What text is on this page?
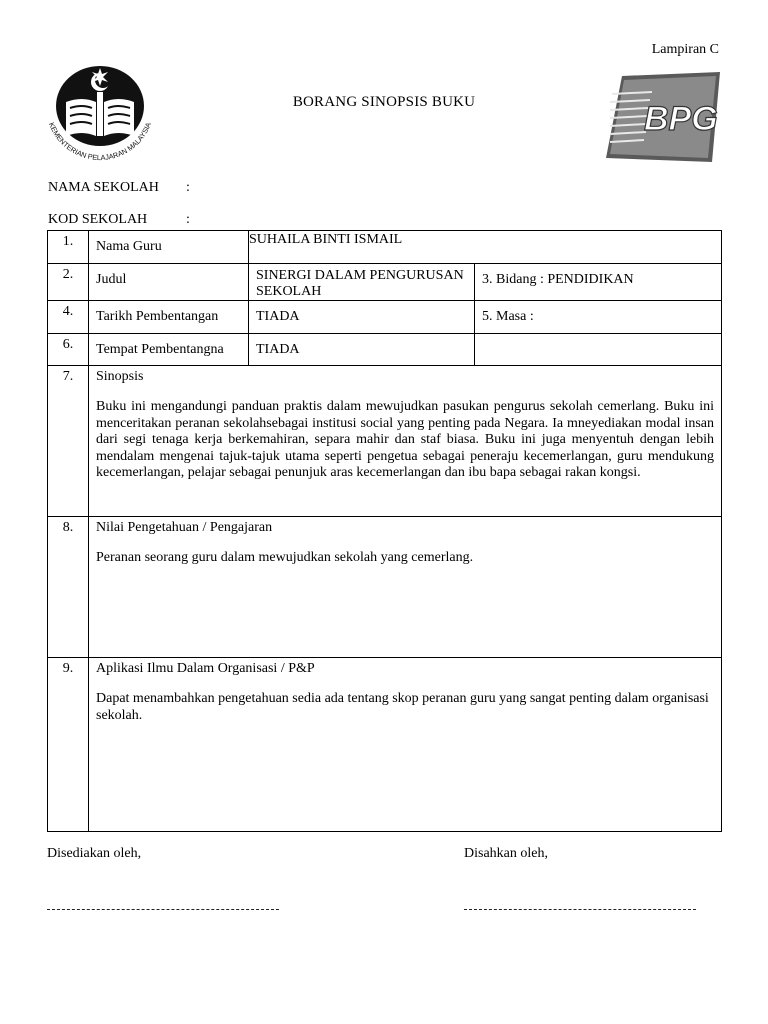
Lampiran C
KEMENTERIAN PELAJARAN MALAYSIA
BORANG SINOPSIS BUKU	BPG
NAMA SEKOLAH :
KOD SEKOLAH	:
1.	Nama Guru	SUHAILA BINTI ISMAIL	
2.	Judul	SINERGI DALAM PENGURUSAN SEKOLAH	3. Bidang : PENDIDIKAN
4.	Tarikh Pembentangan	TIADA	5. Masa :
6.	Tempat Pembentangna	TIADA	
7.	Sinopsis
Buku ini mengandungi panduan praktis dalam mewujudkan pasukan pengurus sekolah cemerlang. Buku ini menceritakan peranan sekolahsebagai institusi social yang penting pada Negara. Ia mneyediakan modal insan dari segi tenaga kerja berkemahiran, separa mahir dan staf biasa. Buku ini juga menyentuh dengan lebih mendalam mengenai tajuk-tajuk utama seperti pengetua sebagai peneraju kecemerlangan, guru mendukung kecemerlangan, pelajar sebagai penunjuk aras kecemerlangan dan ibu bapa sebagai rakan kongsi.		

8.	Nilai Pengetahuan / Pengajaran
Peranan seorang guru dalam mewujudkan sekolah yang cemerlang.		

9.	Aplikasi Ilmu Dalam Organisasi / P&P
Dapat menambahkan pengetahuan sedia ada tentang skop peranan guru yang sangat penting dalam organisasi sekolah.		
Disediakan oleh,	Disahkan oleh,
